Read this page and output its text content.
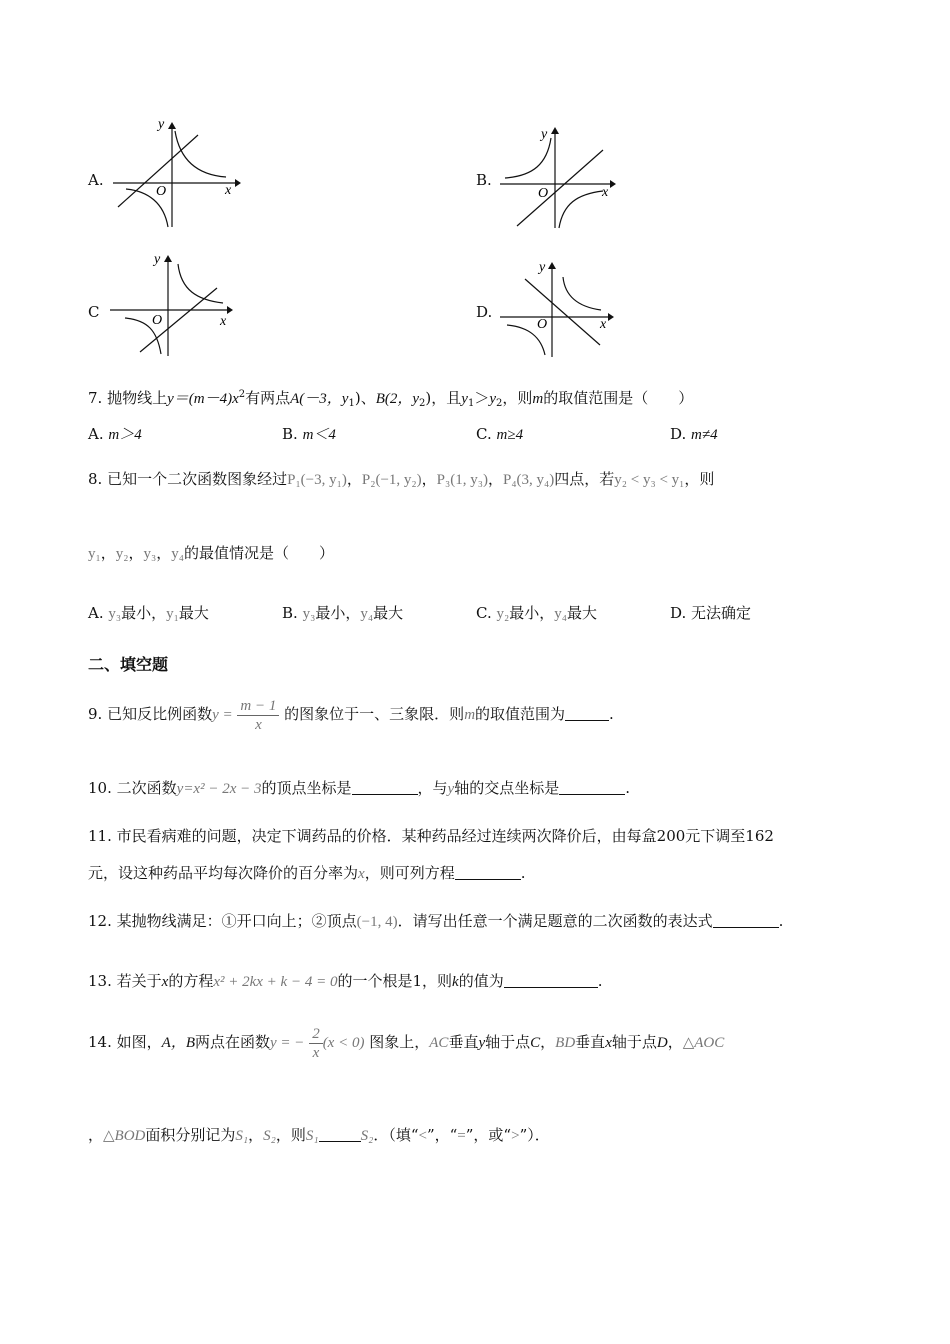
A.
x
y
O
B.
x
y
O
C
x
y
O	D.
x
y
O
7. 抛物线上$y=(m-4)x^2$有两点A(－3，$y_1$)、B(2，$y_2$)，且$y_1>y_2$，则m的取值范围是（　　）
A. m＞4	B. m＜4	C. m≥4	D. m≠4
8. 已知一个二次函数图象经过P₁(−3, y₁)，P₂(−1, y₂)，P₃(1, y₃)，P₄(3, y₄)四点，若y₂ < y₃ < y₁，则
y₁，y₂，y₃，y₄的最值情况是（　　）
A. y₃最小，y₁最大	B. y₃最小，y₄最大	C. y₂最小，y₄最大	D. 无法确定
二、填空题
9. 已知反比例函数$y = \frac{m - 1}{x}$ 的图象位于一、三象限．则m的取值范围为	.
10. 二次函数y=x² − 2x − 3的顶点坐标是	，与y轴的交点坐标是	.
11. 市民看病难的问题，决定下调药品的价格．某种药品经过连续两次降价后，由每盒200元下调至162
元，设这种药品平均每次降价的百分率为x，则可列方程	.
12. 某抛物线满足：①开口向上；②顶点(−1, 4)．请写出任意一个满足题意的二次函数的表达式	.
13. 若关于x的方程x² + 2kx + k − 4 = 0的一个根是1，则k的值为	.
14. 如图，A，B两点在函数y = − $\frac{2}{x} (x < 0)$ 图象上，AC垂直y轴于点C，BD垂直x轴于点D，△AOC
，△BOD面积分别记为S₁，S₂，则S₁	S₂．（填“<”，“=”，或“>”）．
